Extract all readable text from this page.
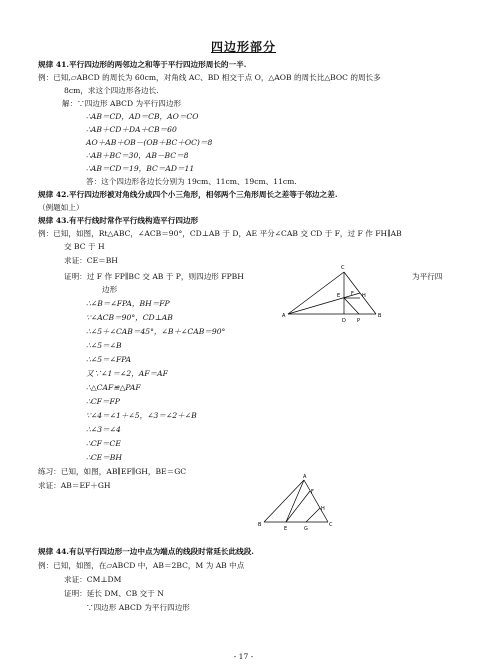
四边形部分
规律 41.平行四边形的两邻边之和等于平行四边形周长的一半.
例：已知,▱ABCD 的周长为 60cm，对角线 AC、BD 相交于点 O，△AOB 的周长比△BOC 的周长多
8cm，求这个四边形各边长.
解：∵四边形 ABCD 为平行四边形
∴AB＝CD，AD＝CB，AO＝CO
∴AB＋CD＋DA＋CB＝60
AO＋AB＋OB－(OB＋BC＋OC)＝8
∴AB＋BC＝30，AB－BC＝8
∴AB＝CD＝19，BC＝AD＝11
答：这个四边形各边长分别为 19cm、11cm、19cm、11cm.
规律 42.平行四边形被对角线分成四个小三角形，相邻两个三角形周长之差等于邻边之差.
（例题如上）
规律 43.有平行线时常作平行线构造平行四边形
例：已知，如图，Rt△ABC，∠ACB＝90°，CD⊥AB 于 D，AE 平分∠CAB 交 CD 于 F，过 F 作 FH∥AB
交 BC 于 H
求证：CE＝BH
证明：过 F 作 FP∥BC 交 AB 于 P，则四边形 FPBH	为平行四
边形
∴∠B＝∠FPA，BH＝FP
∵∠ACB＝90°，CD⊥AB
∴∠5＋∠CAB＝45°，∠B＋∠CAB＝90°
∴∠5＝∠B
∴∠5＝∠FPA
又∵∠1＝∠2，AF＝AF
∴△CAF≌△PAF
∴CF＝FP
∵∠4＝∠1＋∠5，∠3＝∠2＋∠B
∴∠3＝∠4
∴CF＝CE
∴CE＝BH
练习：已知，如图，AB∥EF∥GH，BE＝GC
求证：AB＝EF＋GH
C
E F H
A
D P
B
A
F
H
B
E	G
C
规律 44.有以平行四边形一边中点为端点的线段时常延长此线段.
例：已知，如图，在▱ABCD 中，AB＝2BC，M 为 AB 中点
求证：CM⊥DM
证明：延长 DM、CB 交于 N
∵四边形 ABCD 为平行四边形
- 17 -
